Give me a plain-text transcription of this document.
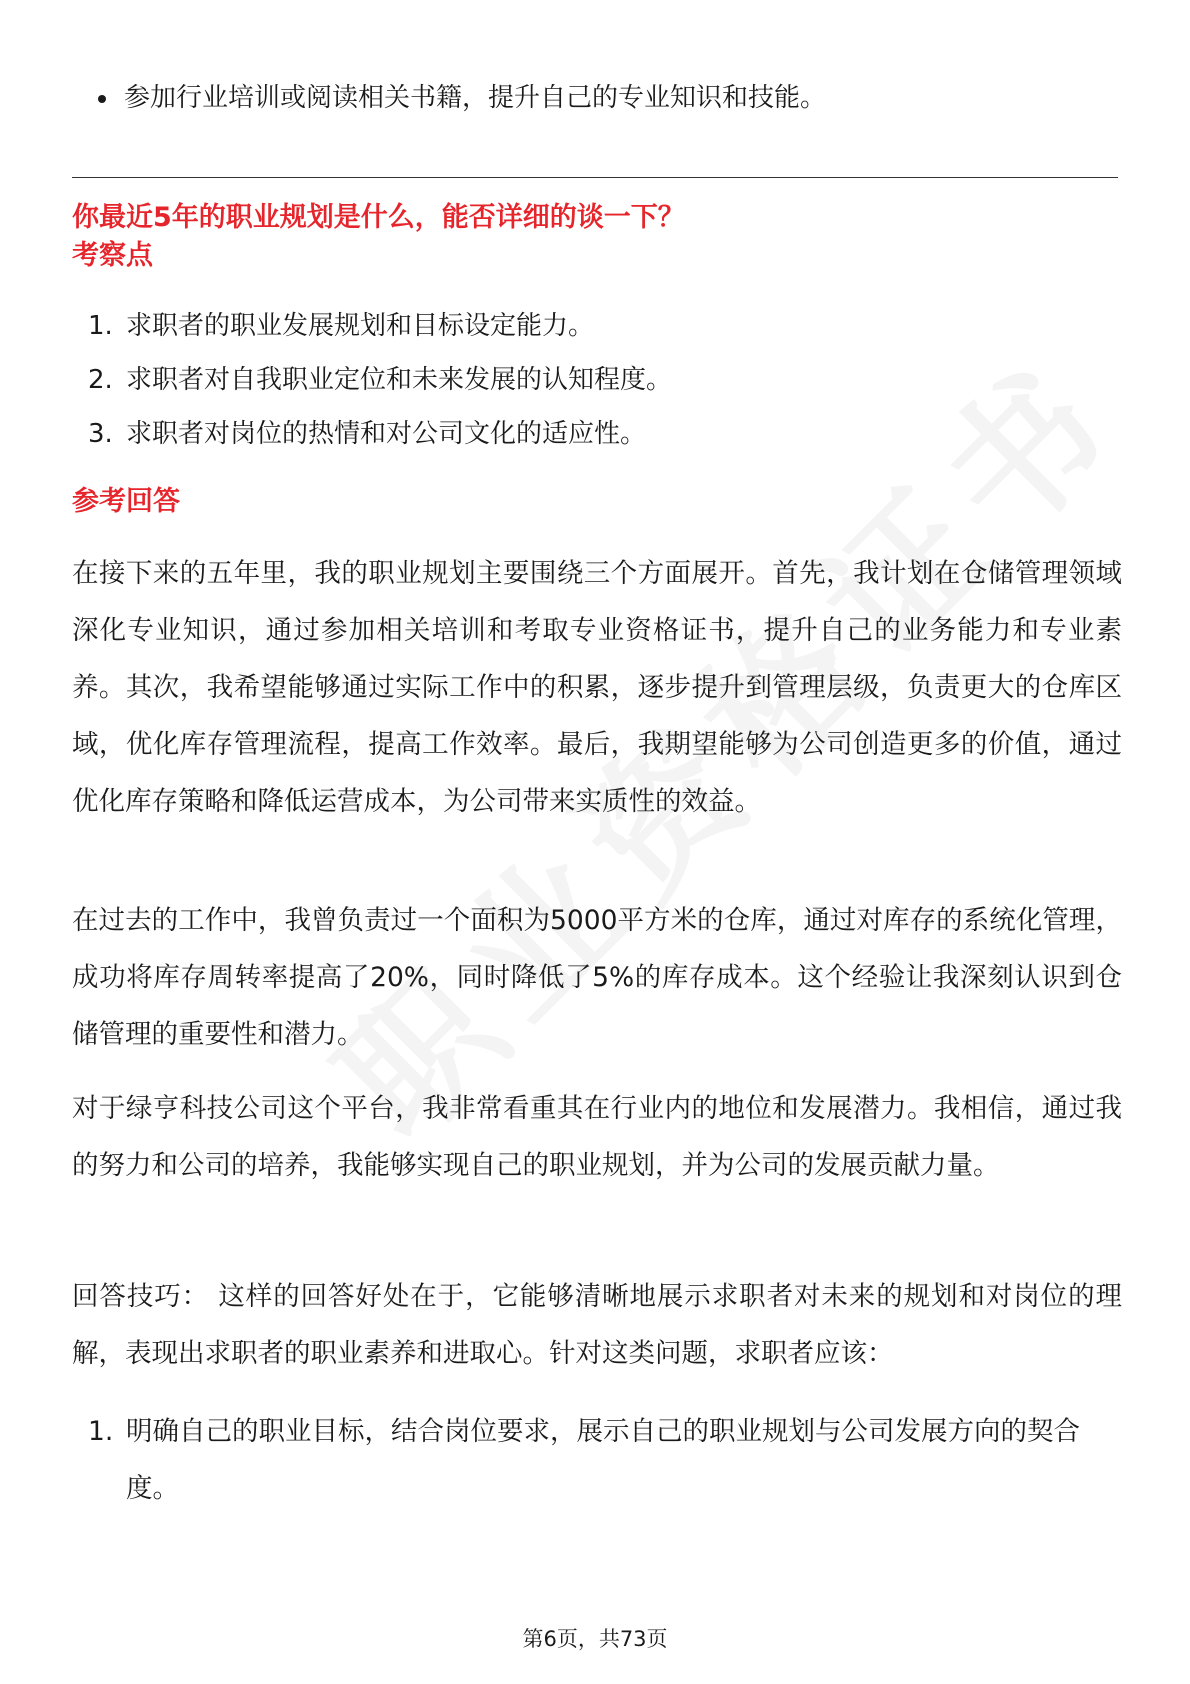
参加行业培训或阅读相关书籍，提升自己的专业知识和技能。
你最近5年的职业规划是什么，能否详细的谈一下？
考察点
1. 求职者的职业发展规划和目标设定能力。
2. 求职者对自我职业定位和未来发展的认知程度。
3. 求职者对岗位的热情和对公司文化的适应性。
参考回答
在接下来的五年里，我的职业规划主要围绕三个方面展开。首先，我计划在仓储管理领域深化专业知识，通过参加相关培训和考取专业资格证书，提升自己的业务能力和专业素养。其次，我希望能够通过实际工作中的积累，逐步提升到管理层级，负责更大的仓库区域，优化库存管理流程，提高工作效率。最后，我期望能够为公司创造更多的价值，通过优化库存策略和降低运营成本，为公司带来实质性的效益。
在过去的工作中，我曾负责过一个面积为5000平方米的仓库，通过对库存的系统化管理，成功将库存周转率提高了20%，同时降低了5%的库存成本。这个经验让我深刻认识到仓储管理的重要性和潜力。
对于绿亨科技公司这个平台，我非常看重其在行业内的地位和发展潜力。我相信，通过我的努力和公司的培养，我能够实现自己的职业规划，并为公司的发展贡献力量。
回答技巧： 这样的回答好处在于，它能够清晰地展示求职者对未来的规划和对岗位的理解，表现出求职者的职业素养和进取心。针对这类问题，求职者应该：
1. 明确自己的职业目标，结合岗位要求，展示自己的职业规划与公司发展方向的契合度。
第6页，共73页
